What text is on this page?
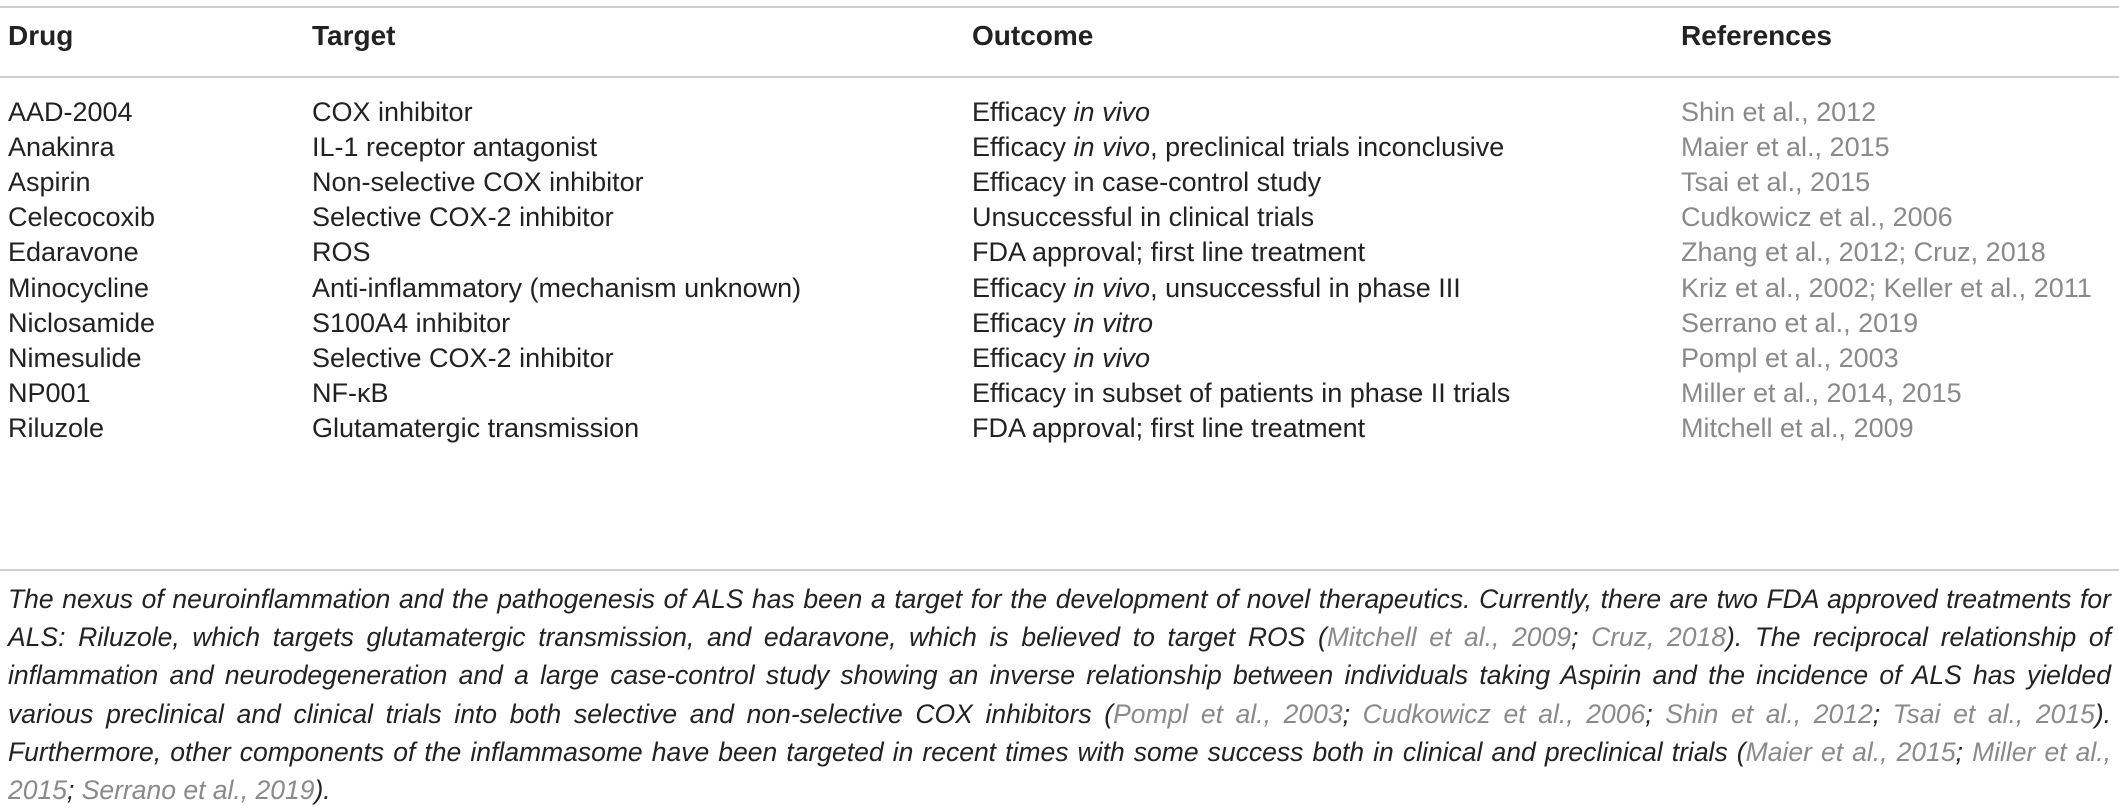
Drug	Target	Outcome	References
AAD-2004	COX inhibitor	Efficacy in vivo	Shin et al., 2012
Anakinra	IL-1 receptor antagonist	Efficacy in vivo, preclinical trials inconclusive	Maier et al., 2015
Aspirin	Non-selective COX inhibitor	Efficacy in case-control study	Tsai et al., 2015
Celecocoxib	Selective COX-2 inhibitor	Unsuccessful in clinical trials	Cudkowicz et al., 2006
Edaravone	ROS	FDA approval; first line treatment	Zhang et al., 2012; Cruz, 2018
Minocycline	Anti-inflammatory (mechanism unknown)	Efficacy in vivo, unsuccessful in phase III	Kriz et al., 2002; Keller et al., 2011
Niclosamide	S100A4 inhibitor	Efficacy in vitro	Serrano et al., 2019
Nimesulide	Selective COX-2 inhibitor	Efficacy in vivo	Pompl et al., 2003
NP001	NF-κB	Efficacy in subset of patients in phase II trials	Miller et al., 2014, 2015
Riluzole	Glutamatergic transmission	FDA approval; first line treatment	Mitchell et al., 2009
The nexus of neuroinflammation and the pathogenesis of ALS has been a target for the development of novel therapeutics. Currently, there are two FDA approved treatments for ALS: Riluzole, which targets glutamatergic transmission, and edaravone, which is believed to target ROS (Mitchell et al., 2009; Cruz, 2018). The reciprocal relationship of inflammation and neurodegeneration and a large case-control study showing an inverse relationship between individuals taking Aspirin and the incidence of ALS has yielded various preclinical and clinical trials into both selective and non-selective COX inhibitors (Pompl et al., 2003; Cudkowicz et al., 2006; Shin et al., 2012; Tsai et al., 2015). Furthermore, other components of the inflammasome have been targeted in recent times with some success both in clinical and preclinical trials (Maier et al., 2015; Miller et al., 2015; Serrano et al., 2019).
